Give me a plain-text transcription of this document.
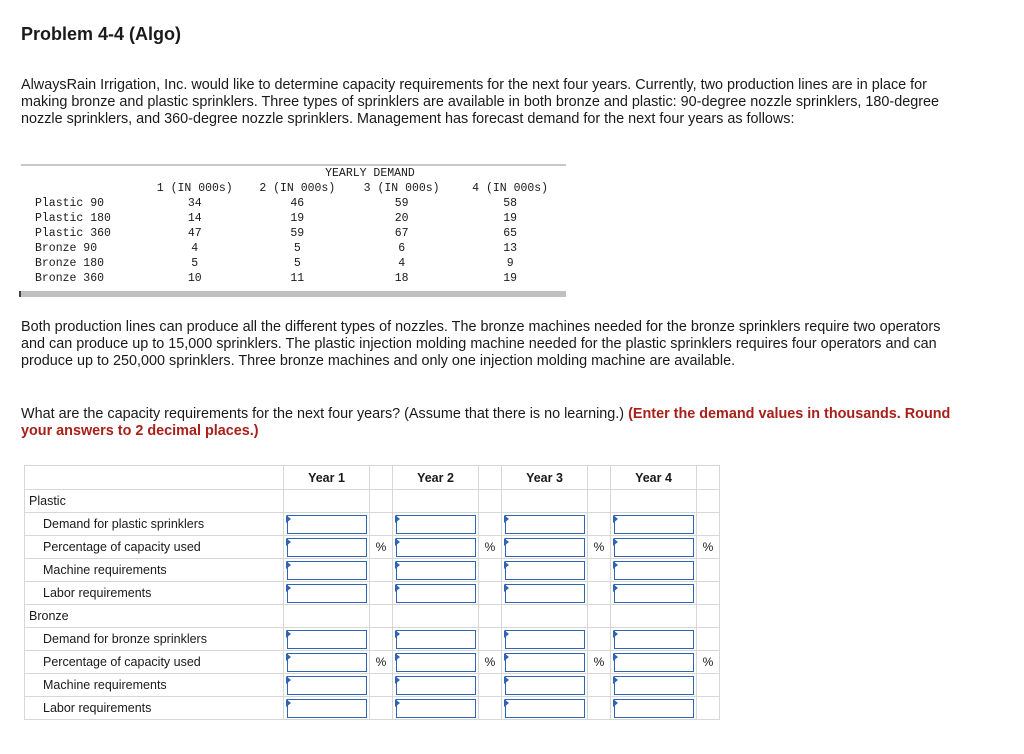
Problem 4-4 (Algo)

AlwaysRain Irrigation, Inc. would like to determine capacity requirements for the next four years. Currently, two production lines are in place for making bronze and plastic sprinklers. Three types of sprinklers are available in both bronze and plastic: 90-degree nozzle sprinklers, 180-degree nozzle sprinklers, and 360-degree nozzle sprinklers. Management has forecast demand for the next four years as follows:

	YEARLY DEMAND			
	1 (IN 000s)	2 (IN 000s)	3 (IN 000s)	4 (IN 000s)
Plastic 90	34	46	59	58
Plastic 180	14	19	20	19
Plastic 360	47	59	67	65
Bronze 90	4	5	6	13
Bronze 180	5	5	4	9
Bronze 360	10	11	18	19

Both production lines can produce all the different types of nozzles. The bronze machines needed for the bronze sprinklers require two operators and can produce up to 15,000 sprinklers. The plastic injection molding machine needed for the plastic sprinklers requires four operators and can produce up to 250,000 sprinklers. Three bronze machines and only one injection molding machine are available.

What are the capacity requirements for the next four years? (Assume that there is no learning.) (Enter the demand values in thousands. Round your answers to 2 decimal places.)

	Year 1		Year 2		Year 3		Year 4	
Plastic								
Demand for plastic sprinklers	

Percentage of capacity used		%		%		%		%
Machine requirements	

Labor requirements	

Bronze								
Demand for bronze sprinklers	

Percentage of capacity used		%		%		%		%
Machine requirements	

Labor requirements	
